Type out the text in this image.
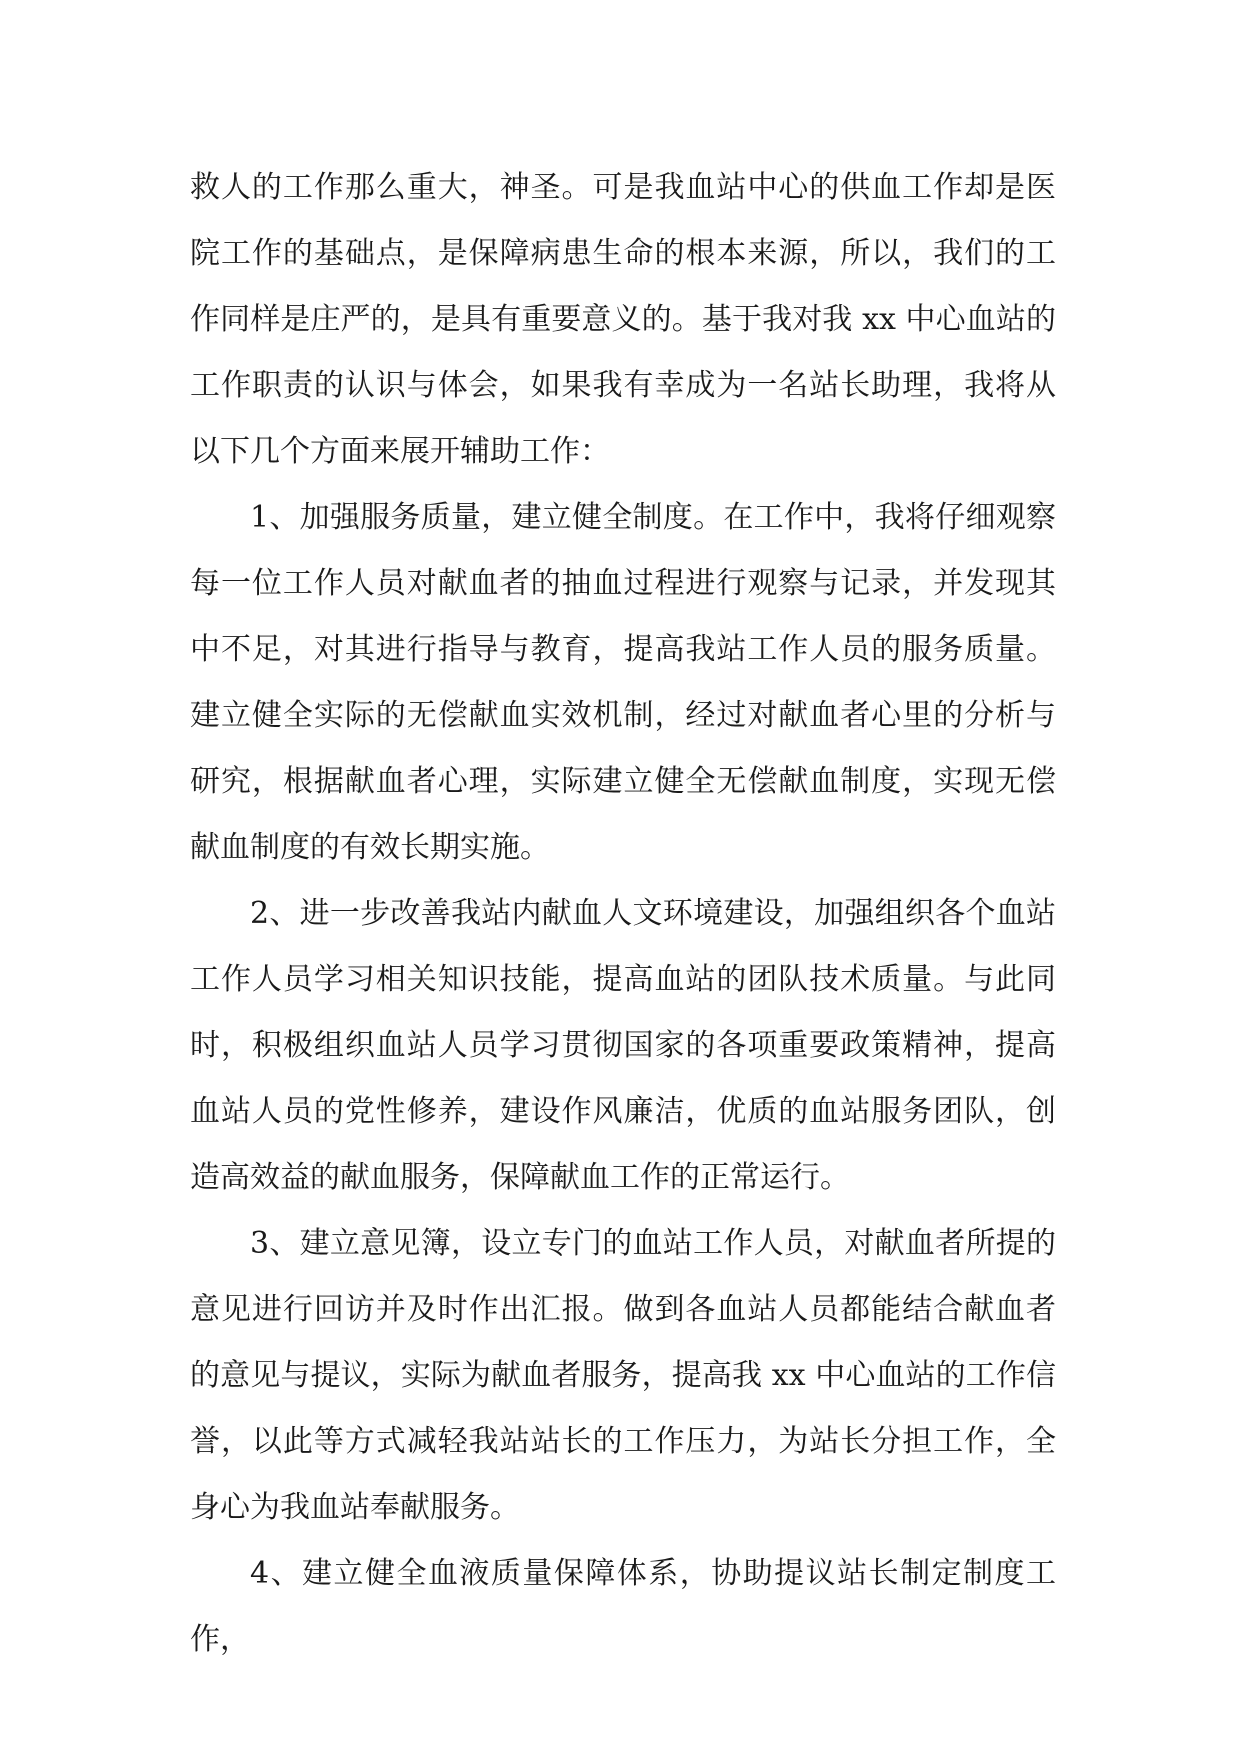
救人的工作那么重大，神圣。可是我血站中心的供血工作却是医院工作的基础点，是保障病患生命的根本来源，所以，我们的工作同样是庄严的，是具有重要意义的。基于我对我 xx 中心血站的工作职责的认识与体会，如果我有幸成为一名站长助理，我将从以下几个方面来展开辅助工作：

1、加强服务质量，建立健全制度。在工作中，我将仔细观察每一位工作人员对献血者的抽血过程进行观察与记录，并发现其中不足，对其进行指导与教育，提高我站工作人员的服务质量。建立健全实际的无偿献血实效机制，经过对献血者心里的分析与研究，根据献血者心理，实际建立健全无偿献血制度，实现无偿献血制度的有效长期实施。

2、进一步改善我站内献血人文环境建设，加强组织各个血站工作人员学习相关知识技能，提高血站的团队技术质量。与此同时，积极组织血站人员学习贯彻国家的各项重要政策精神，提高血站人员的党性修养，建设作风廉洁，优质的血站服务团队，创造高效益的献血服务，保障献血工作的正常运行。

3、建立意见簿，设立专门的血站工作人员，对献血者所提的意见进行回访并及时作出汇报。做到各血站人员都能结合献血者的意见与提议，实际为献血者服务，提高我 xx 中心血站的工作信誉，以此等方式减轻我站站长的工作压力，为站长分担工作，全身心为我血站奉献服务。

4、建立健全血液质量保障体系，协助提议站长制定制度工作，
